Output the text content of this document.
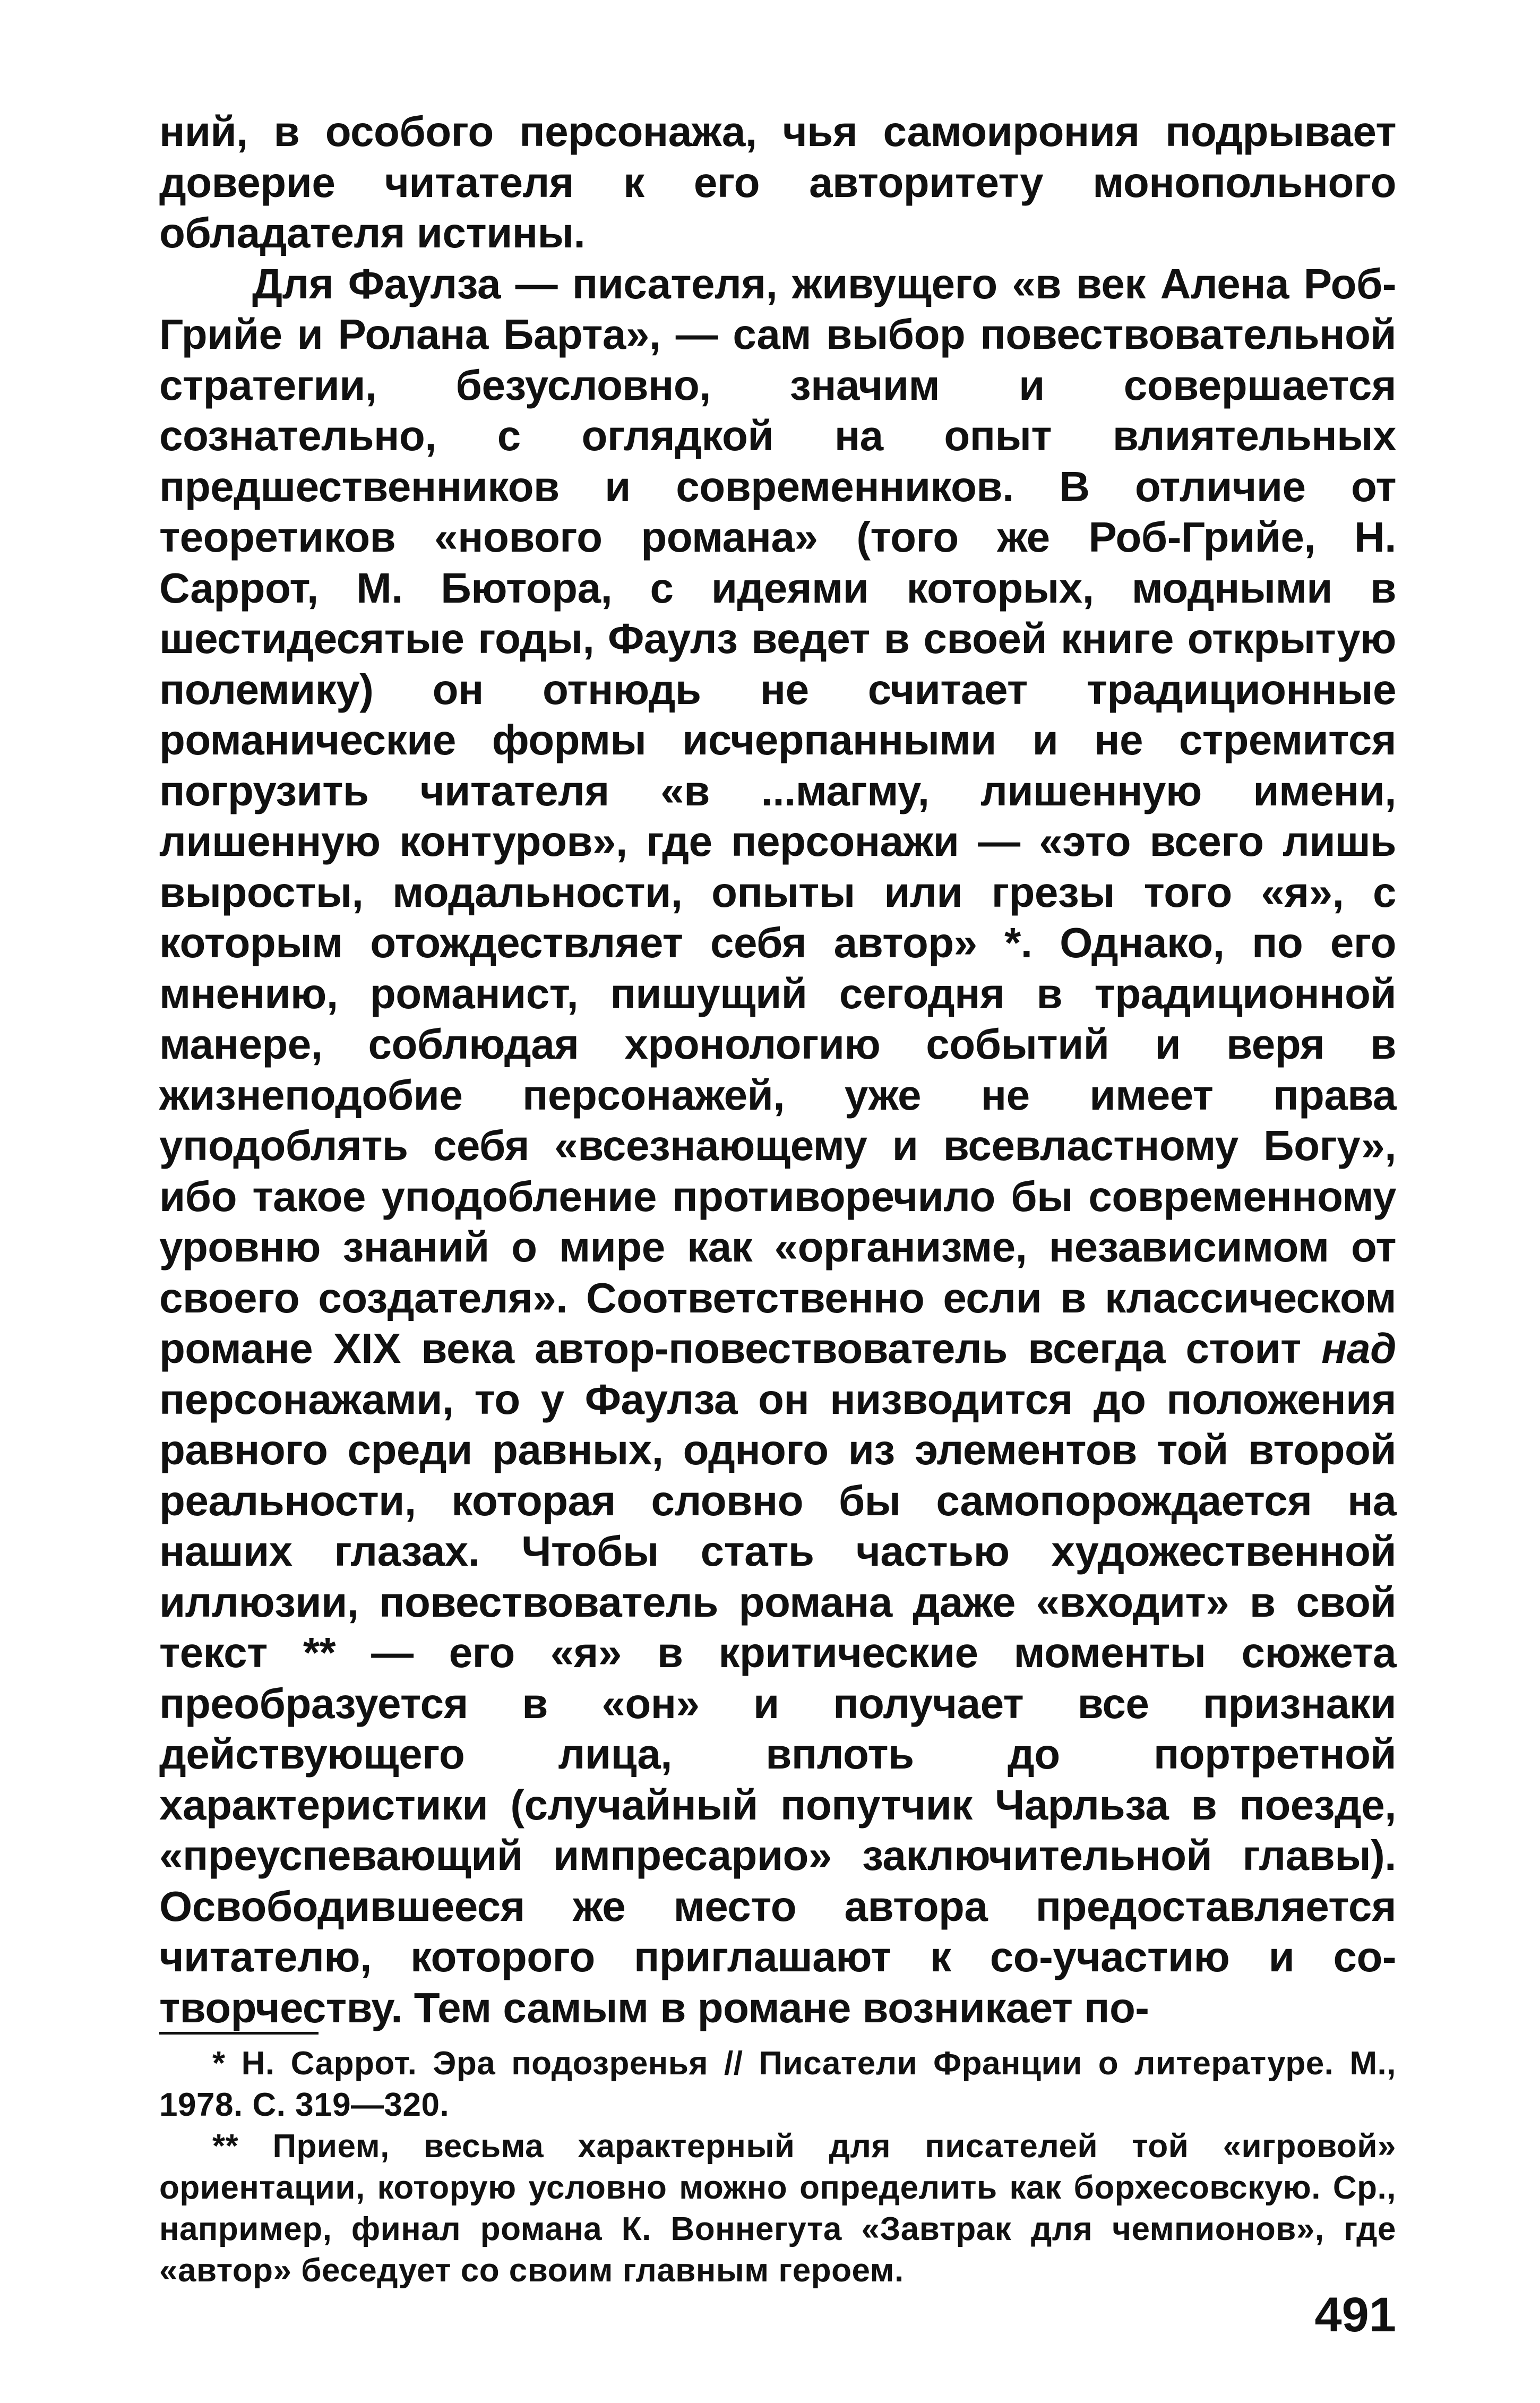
ний, в особого персонажа, чья самоирония подрывает доверие читателя к его авторитету монопольного обладателя истины.

Для Фаулза — писателя, живущего «в век Алена Роб-Грийе и Ролана Барта», — сам выбор повествовательной стратегии, безусловно, значим и совершается сознательно, с оглядкой на опыт влиятельных предшественников и современников. В отличие от теоретиков «нового романа» (того же Роб-Грийе, Н. Саррот, М. Бютора, с идеями которых, модными в шестидесятые годы, Фаулз ведет в своей книге открытую полемику) он отнюдь не считает традиционные романические формы исчерпанными и не стремится погрузить читателя «в ...магму, лишенную имени, лишенную контуров», где персонажи — «это всего лишь выросты, модальности, опыты или грезы того «я», с которым отождествляет себя автор» *. Однако, по его мнению, романист, пишущий сегодня в традиционной манере, соблюдая хронологию событий и веря в жизнеподобие персонажей, уже не имеет права уподоблять себя «всезнающему и всевластному Богу», ибо такое уподобление противоречило бы современному уровню знаний о мире как «организме, независимом от своего создателя». Соответственно если в классическом романе XIX века автор-повествователь всегда стоит над персонажами, то у Фаулза он низводится до положения равного среди равных, одного из элементов той второй реальности, которая словно бы самопорождается на наших глазах. Чтобы стать частью художественной иллюзии, повествователь романа даже «входит» в свой текст ** — его «я» в критические моменты сюжета преобразуется в «он» и получает все признаки действующего лица, вплоть до портретной характеристики (случайный попутчик Чарльза в поезде, «преуспевающий импресарио» заключительной главы). Освободившееся же место автора предоставляется читателю, которого приглашают к со-участию и со-творчеству. Тем самым в романе возникает по-

* Н. Саррот. Эра подозренья // Писатели Франции о литературе. М., 1978. С. 319—320.

** Прием, весьма характерный для писателей той «игровой» ориентации, которую условно можно определить как борхесовскую. Ср., например, финал романа К. Воннегута «Завтрак для чемпионов», где «автор» беседует со своим главным героем.

491
